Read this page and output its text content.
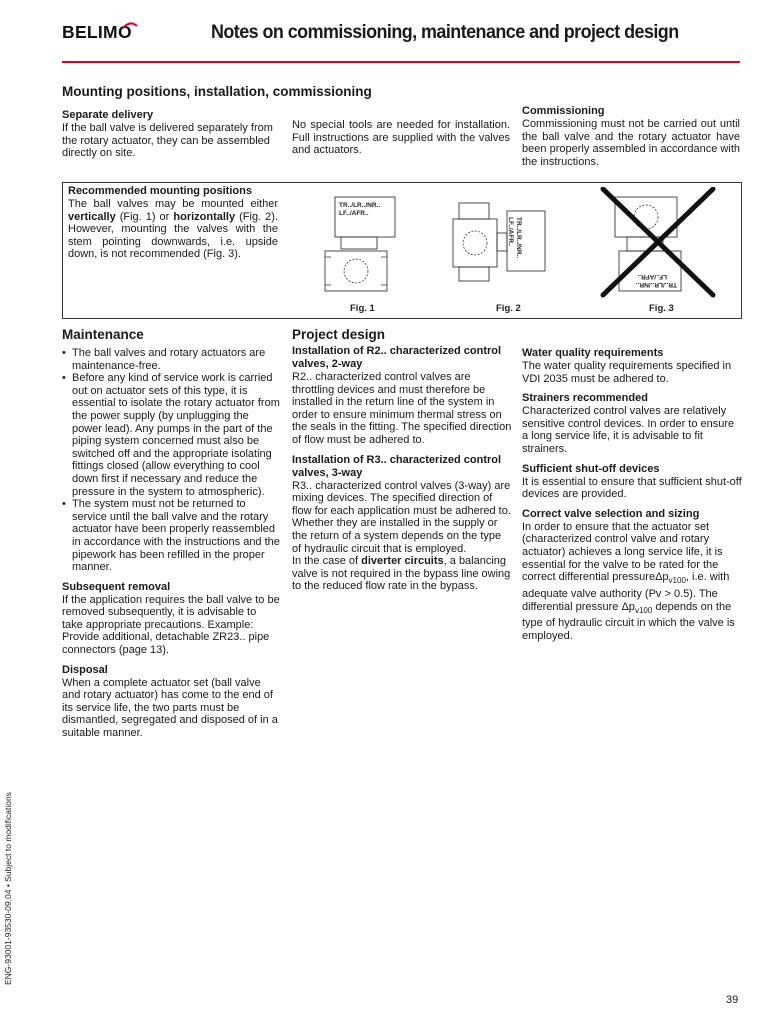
BELIMO	Notes on commissioning, maintenance and project design
Mounting positions, installation, commissioning
Separate delivery

If the ball valve is delivered separately from the rotary actuator, they can be assembled directly on site.

No special tools are needed for installation. Full instructions are supplied with the valves and actuators.

Commissioning

Commissioning must not be carried out until the ball valve and the rotary actuator have been properly assembled in accordance with the instructions.

Recommended mounting positions

The ball valves may be mounted either vertically (Fig. 1) or horizontally (Fig. 2). However, mounting the valves with the stem pointing downwards, i.e. upside down, is not recommended (Fig. 3).

TR../LR../NR..
LF../AFR..
Fig. 1
TR../LR../NR..
LF../AFR..
Fig. 2
TR../LR../NR..
LF../AFR..
Fig. 3
Maintenance
• The ball valves and rotary actuators are maintenance-free.
• Before any kind of service work is carried out on actuator sets of this type, it is essential to isolate the rotary actuator from the power supply (by unplugging the power lead). Any pumps in the part of the piping system concerned must also be switched off and the appropriate isolating fittings closed (allow everything to cool down first if necessary and reduce the pressure in the system to atmospheric).
• The system must not be returned to service until the ball valve and the rotary actuator have been properly reassembled in accordance with the instructions and the pipework has been refilled in the proper manner.
Subsequent removal

If the application requires the ball valve to be removed subsequently, it is advisable to take appropriate precautions. Example: Provide additional, detachable ZR23.. pipe connectors (page 13).

Disposal

When a complete actuator set (ball valve and rotary actuator) has come to the end of its service life, the two parts must be dismantled, segregated and disposed of in a suitable manner.

Project design
Installation of R2.. characterized control valves, 2-way

R2.. characterized control valves are throttling devices and must therefore be installed in the return line of the system in order to ensure minimum thermal stress on the seals in the fitting. The specified direction of flow must be adhered to.

Installation of R3.. characterized control valves, 3-way

R3.. characterized control valves (3-way) are mixing devices. The specified direction of flow for each application must be adhered to. Whether they are installed in the supply or the return of a system depends on the type of hydraulic circuit that is employed.

In the case of diverter circuits, a balancing valve is not required in the bypass line owing to the reduced flow rate in the bypass.

Water quality requirements

The water quality requirements specified in VDI 2035 must be adhered to.

Strainers recommended

Characterized control valves are relatively sensitive control devices. In order to ensure a long service life, it is advisable to fit strainers.

Sufficient shut-off devices

It is essential to ensure that sufficient shut-off devices are provided.

Correct valve selection and sizing

In order to ensure that the actuator set (characterized control valve and rotary actuator) achieves a long service life, it is essential for the valve to be rated for the correct differential pressureΔp$_{v100}$, i.e. with adequate valve authority (Pv > 0.5). The differential pressure $\Delta p_{v100}$ depends on the type of hydraulic circuit in which the valve is employed.

ENG-93001-93530-09.04 • Subject to modifications
39
